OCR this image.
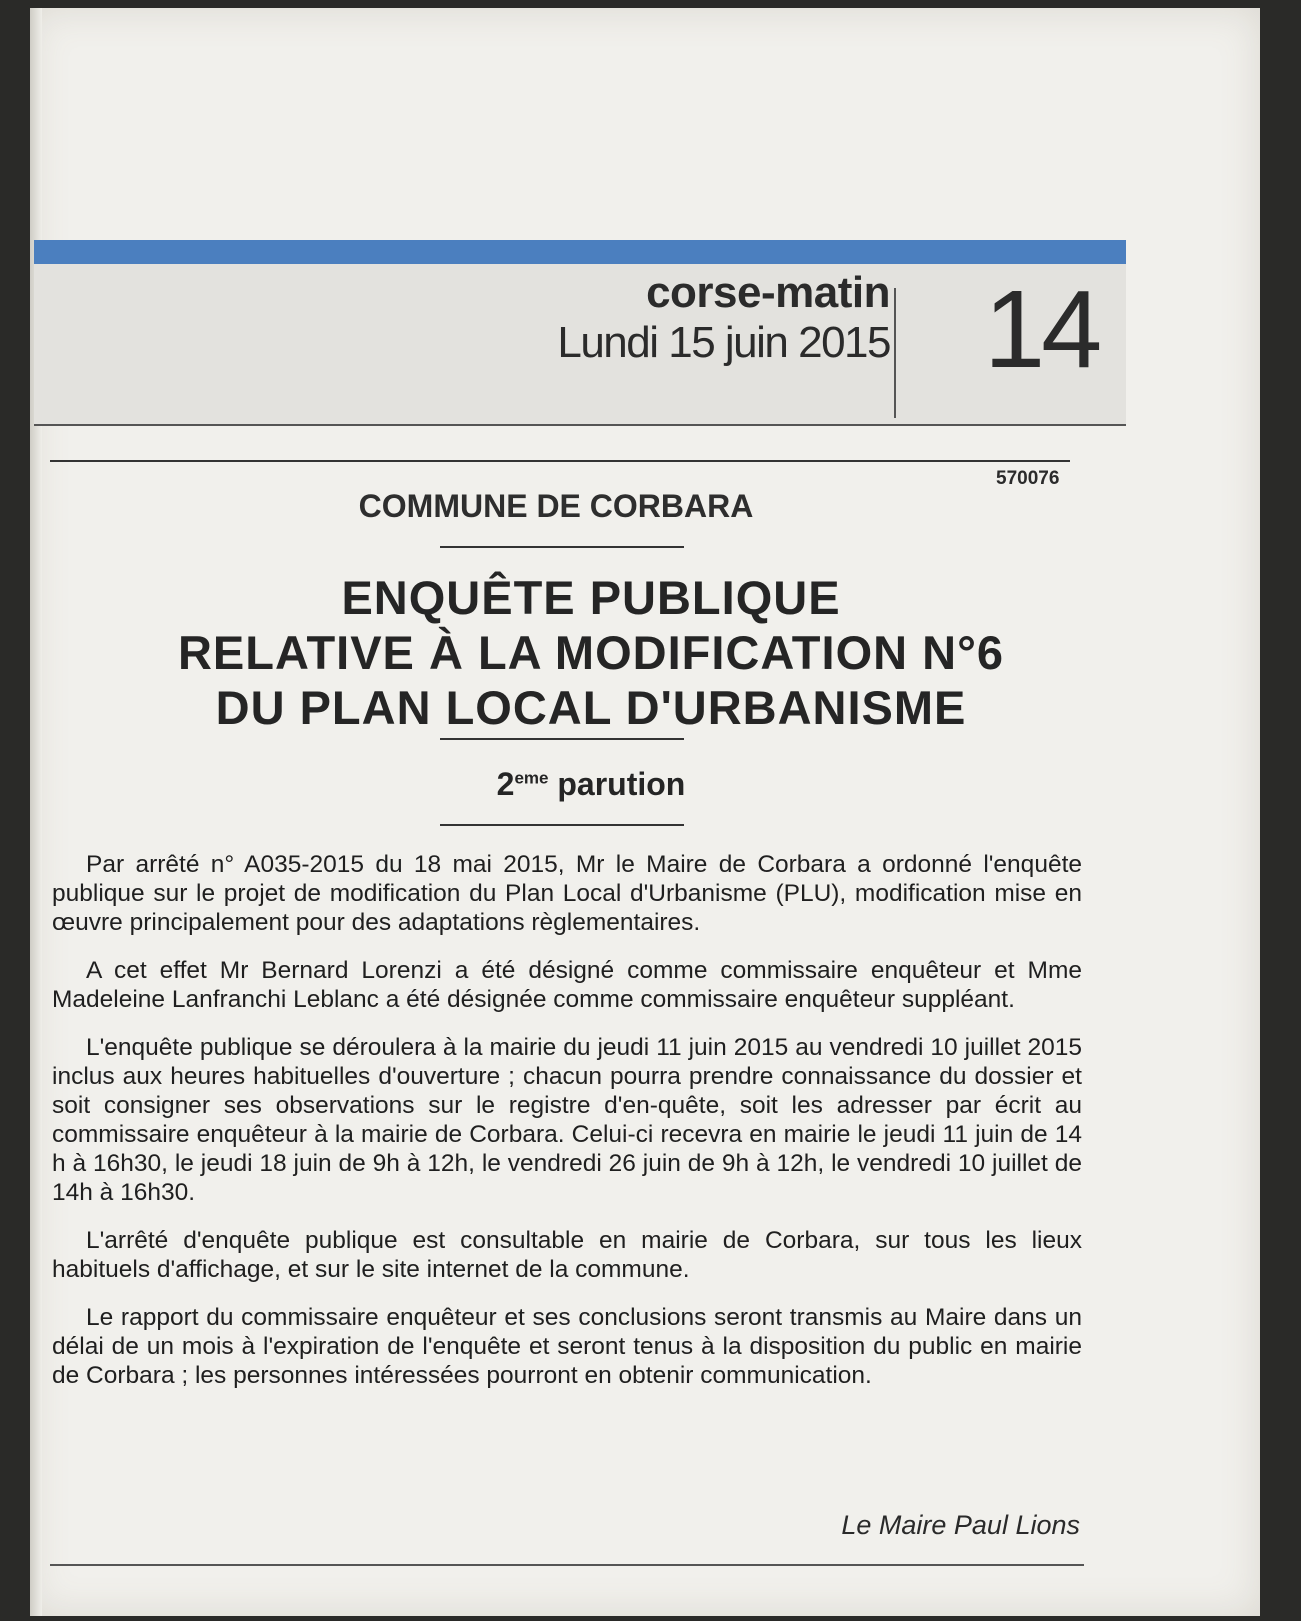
corse-matin
Lundi 15 juin 2015 14
570076
COMMUNE DE CORBARA
ENQUÊTE PUBLIQUE
RELATIVE À LA MODIFICATION N°6
DU PLAN LOCAL D'URBANISME
2eme parution

Par arrêté n° A035-2015 du 18 mai 2015, Mr le Maire de Corbara a ordonné l'enquête publique sur le projet de modification du Plan Local d'Urbanisme (PLU), modification mise en œuvre principalement pour des adaptations règlementaires.

A cet effet Mr Bernard Lorenzi a été désigné comme commissaire enquêteur et Mme Madeleine Lanfranchi Leblanc a été désignée comme commissaire enquêteur suppléant.

L'enquête publique se déroulera à la mairie du jeudi 11 juin 2015 au vendredi 10 juillet 2015 inclus aux heures habituelles d'ouverture ; chacun pourra prendre connaissance du dossier et soit consigner ses observations sur le registre d'en-quête, soit les adresser par écrit au commissaire enquêteur à la mairie de Corbara. Celui-ci recevra en mairie le jeudi 11 juin de 14 h à 16h30, le jeudi 18 juin de 9h à 12h, le vendredi 26 juin de 9h à 12h, le vendredi 10 juillet de 14h à 16h30.

L'arrêté d'enquête publique est consultable en mairie de Corbara, sur tous les lieux habituels d'affichage, et sur le site internet de la commune.

Le rapport du commissaire enquêteur et ses conclusions seront transmis au Maire dans un délai de un mois à l'expiration de l'enquête et seront tenus à la disposition du public en mairie de Corbara ; les personnes intéressées pourront en obtenir communication.

Le Maire Paul Lions
